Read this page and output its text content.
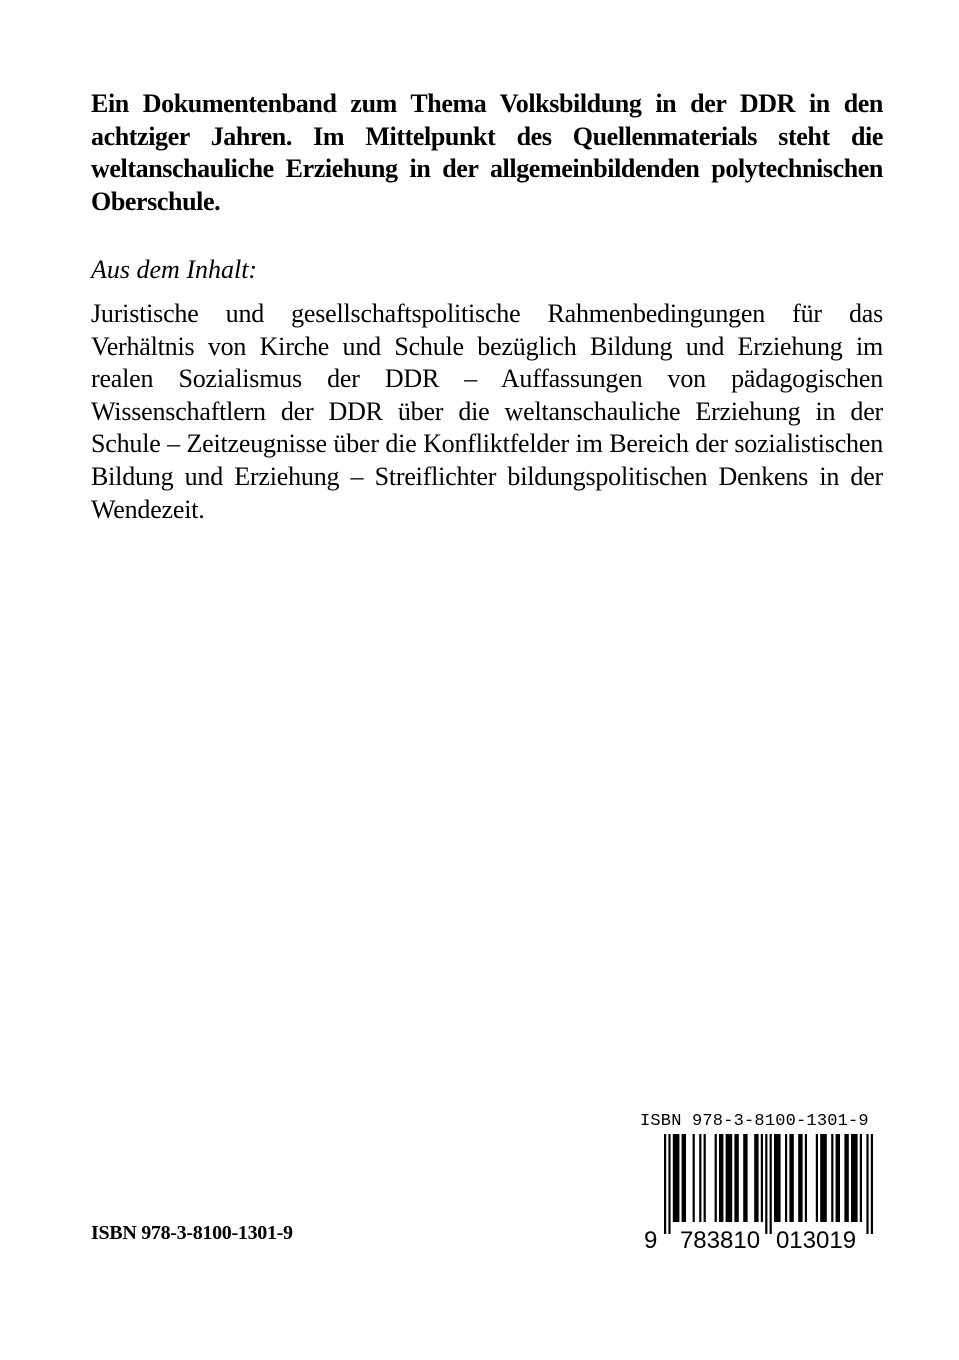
Ein Dokumentenband zum Thema Volksbildung in der DDR in den achtziger Jahren. Im Mittelpunkt des Quellenmaterials steht die weltanschauliche Erziehung in der allgemeinbildenden polytechnischen Oberschule.

Aus dem Inhalt:

Juristische und gesellschaftspolitische Rahmenbedingungen für das Verhältnis von Kirche und Schule bezüglich Bildung und Erziehung im realen Sozialismus der DDR – Auffassungen von pädagogischen Wissenschaftlern der DDR über die weltanschauliche Erziehung in der Schule – Zeitzeugnisse über die Konfliktfelder im Bereich der sozialistischen Bildung und Erziehung – Streiflichter bildungspolitischen Denkens in der Wendezeit.

ISBN 978-3-8100-1301-9
ISBN 978-3-8100-1301-9
9 783810 013019
